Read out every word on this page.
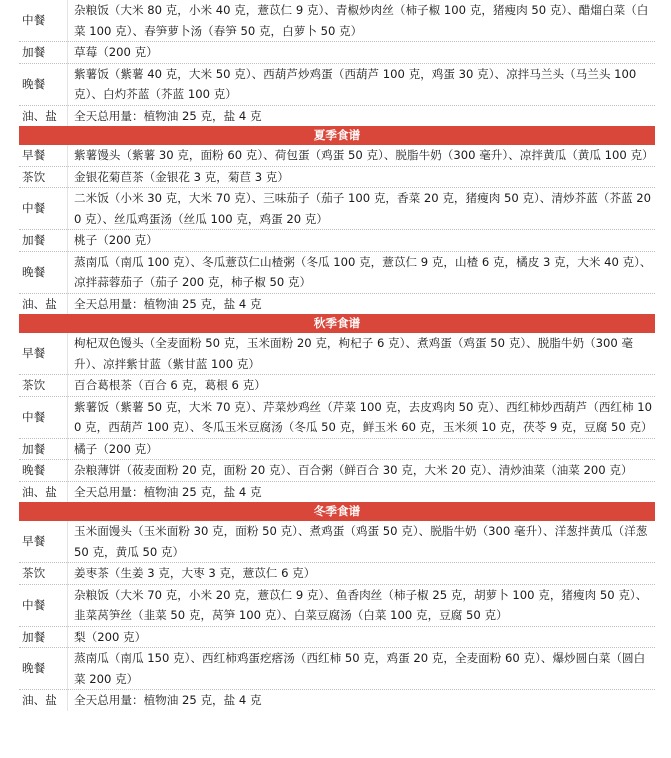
中餐	杂粮饭（大米 80 克，小米 40 克，薏苡仁 9 克）、青椒炒肉丝（柿子椒 100 克，猪瘦肉 50 克）、醋熘白菜（白菜 100 克）、春笋萝卜汤（春笋 50 克，白萝卜 50 克）
加餐	草莓（200 克）
晚餐	紫薯饭（紫薯 40 克，大米 50 克）、西葫芦炒鸡蛋（西葫芦 100 克，鸡蛋 30 克）、凉拌马兰头（马兰头 100 克）、白灼芥蓝（芥蓝 100 克）
油、盐	全天总用量：植物油 25 克，盐 4 克
夏季食谱	
早餐	紫薯馒头（紫薯 30 克，面粉 60 克）、荷包蛋（鸡蛋 50 克）、脱脂牛奶（300 毫升）、凉拌黄瓜（黄瓜 100 克）
茶饮	金银花菊苣茶（金银花 3 克，菊苣 3 克）
中餐	二米饭（小米 30 克，大米 70 克）、三味茄子（茄子 100 克，香菜 20 克，猪瘦肉 50 克）、清炒芥蓝（芥蓝 200 克）、丝瓜鸡蛋汤（丝瓜 100 克，鸡蛋 20 克）
加餐	桃子（200 克）
晚餐	蒸南瓜（南瓜 100 克）、冬瓜薏苡仁山楂粥（冬瓜 100 克，薏苡仁 9 克，山楂 6 克，橘皮 3 克，大米 40 克）、凉拌蒜蓉茄子（茄子 200 克，柿子椒 50 克）
油、盐	全天总用量：植物油 25 克，盐 4 克
秋季食谱	
早餐	枸杞双色馒头（全麦面粉 50 克，玉米面粉 20 克，枸杞子 6 克）、煮鸡蛋（鸡蛋 50 克）、脱脂牛奶（300 毫升）、凉拌紫甘蓝（紫甘蓝 100 克）
茶饮	百合葛根茶（百合 6 克，葛根 6 克）
中餐	紫薯饭（紫薯 50 克，大米 70 克）、芹菜炒鸡丝（芹菜 100 克，去皮鸡肉 50 克）、西红柿炒西葫芦（西红柿 100 克，西葫芦 100 克）、冬瓜玉米豆腐汤（冬瓜 50 克，鲜玉米 60 克，玉米须 10 克，茯苓 9 克，豆腐 50 克）
加餐	橘子（200 克）
晚餐	杂粮薄饼（莜麦面粉 20 克，面粉 20 克）、百合粥（鲜百合 30 克，大米 20 克）、清炒油菜（油菜 200 克）
油、盐	全天总用量：植物油 25 克，盐 4 克
冬季食谱	
早餐	玉米面馒头（玉米面粉 30 克，面粉 50 克）、煮鸡蛋（鸡蛋 50 克）、脱脂牛奶（300 毫升）、洋葱拌黄瓜（洋葱 50 克，黄瓜 50 克）
茶饮	姜枣茶（生姜 3 克，大枣 3 克，薏苡仁 6 克）
中餐	杂粮饭（大米 70 克，小米 20 克，薏苡仁 9 克）、鱼香肉丝（柿子椒 25 克，胡萝卜 100 克，猪瘦肉 50 克）、韭菜莴笋丝（韭菜 50 克，莴笋 100 克）、白菜豆腐汤（白菜 100 克，豆腐 50 克）
加餐	梨（200 克）
晚餐	蒸南瓜（南瓜 150 克）、西红柿鸡蛋疙瘩汤（西红柿 50 克，鸡蛋 20 克，全麦面粉 60 克）、爆炒圆白菜（圆白菜 200 克）
油、盐	全天总用量：植物油 25 克，盐 4 克
